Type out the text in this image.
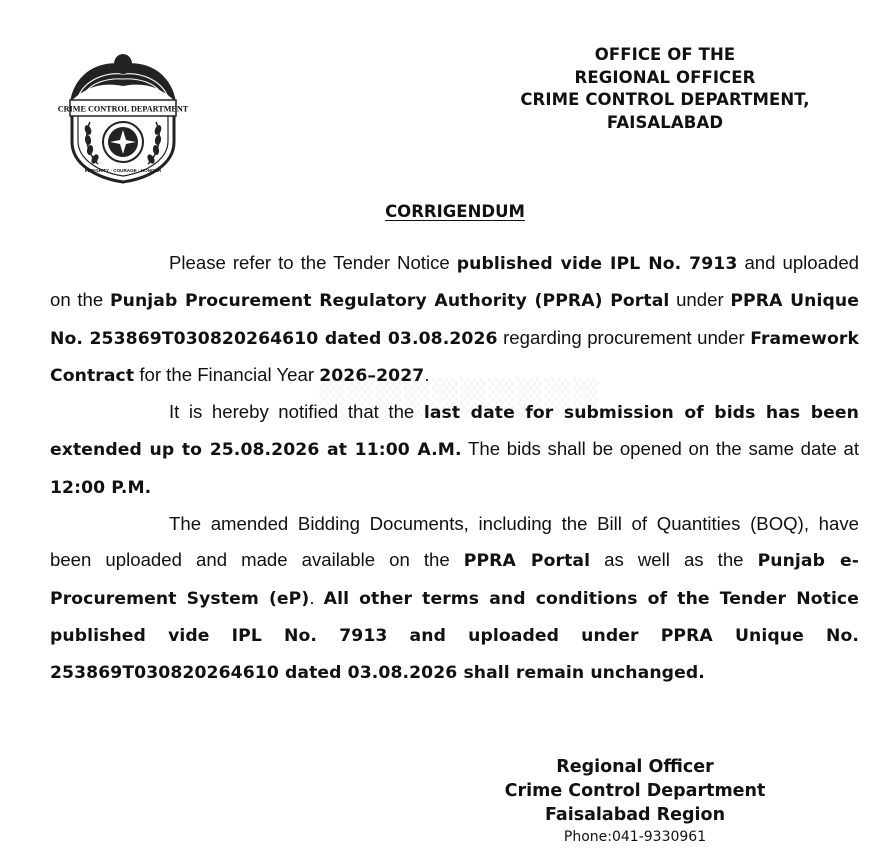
CRIME CONTROL DEPARTMENT
INTEGRITY · COURAGE · HONOUR
OFFICE OF THE
REGIONAL OFFICER
CRIME CONTROL DEPARTMENT,
FAISALABAD
CORRIGENDUM

Please refer to the Tender Notice published vide IPL No. 7913 and uploaded on the Punjab Procurement Regulatory Authority (PPRA) Portal under PPRA Unique No. 253869T030820264610 dated 03.08.2026 regarding procurement under Framework Contract for the Financial Year 2026–2027.

It is hereby notified that the last date for submission of bids has been extended up to 25.08.2026 at 11:00 A.M. The bids shall be opened on the same date at 12:00 P.M.

The amended Bidding Documents, including the Bill of Quantities (BOQ), have been uploaded and made available on the PPRA Portal as well as the Punjab e-Procurement System (eP). All other terms and conditions of the Tender Notice published vide IPL No. 7913 and uploaded under PPRA Unique No. 253869T030820264610 dated 03.08.2026 shall remain unchanged.

Regional Officer
Crime Control Department
Faisalabad Region
Phone:041-9330961
